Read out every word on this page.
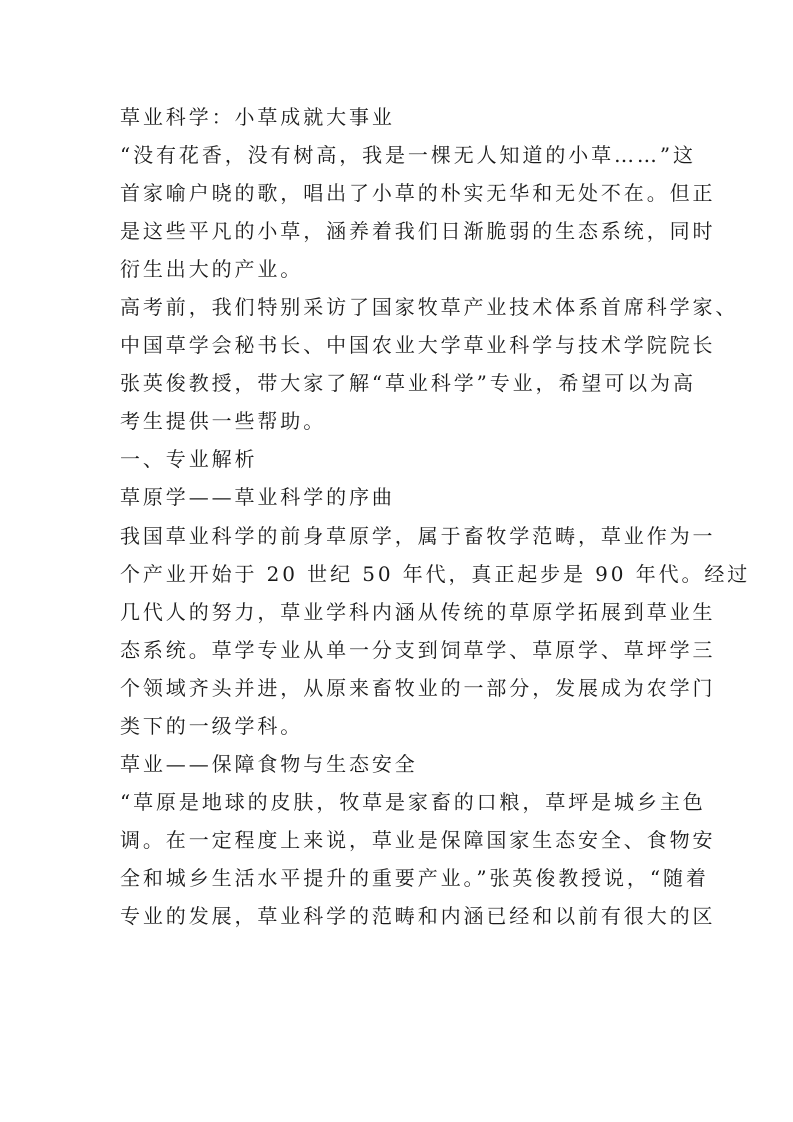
草业科学：小草成就大事业
“没有花香，没有树高，我是一棵无人知道的小草……”这
首家喻户晓的歌，唱出了小草的朴实无华和无处不在。但正
是这些平凡的小草，涵养着我们日渐脆弱的生态系统，同时
衍生出大的产业。
高考前，我们特别采访了国家牧草产业技术体系首席科学家、
中国草学会秘书长、中国农业大学草业科学与技术学院院长
张英俊教授，带大家了解“草业科学”专业，希望可以为高
考生提供一些帮助。
一、专业解析
草原学——草业科学的序曲
我国草业科学的前身草原学，属于畜牧学范畴，草业作为一
个产业开始于 20 世纪 50 年代，真正起步是 90 年代。经过
几代人的努力，草业学科内涵从传统的草原学拓展到草业生
态系统。草学专业从单一分支到饲草学、草原学、草坪学三
个领域齐头并进，从原来畜牧业的一部分，发展成为农学门
类下的一级学科。
草业——保障食物与生态安全
“草原是地球的皮肤，牧草是家畜的口粮，草坪是城乡主色
调。在一定程度上来说，草业是保障国家生态安全、食物安
全和城乡生活水平提升的重要产业。”张英俊教授说，“随着
专业的发展，草业科学的范畴和内涵已经和以前有很大的区
